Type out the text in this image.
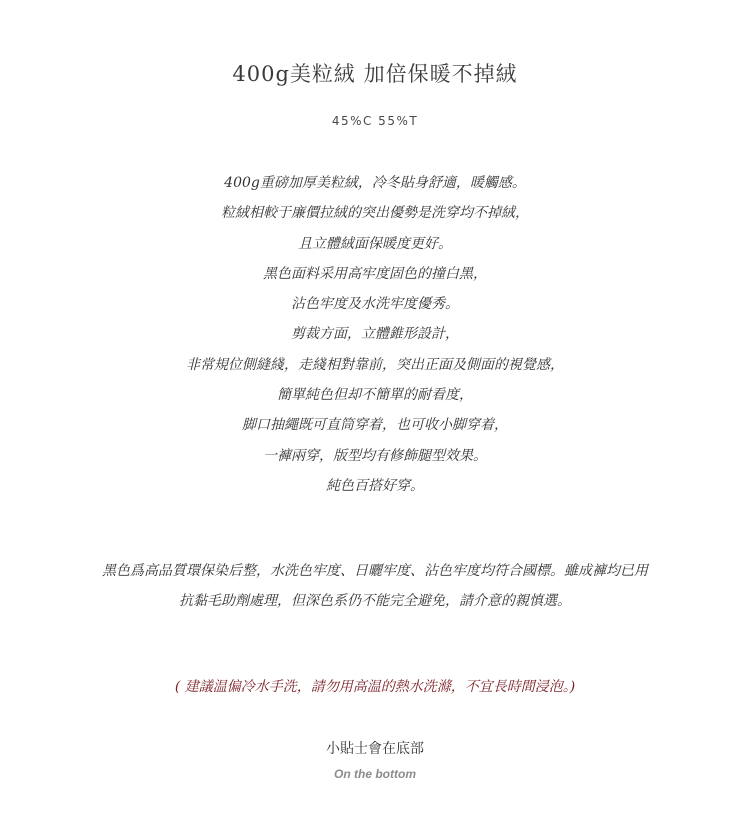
400g美粒絨 加倍保暖不掉絨
45%C 55%T
400g重磅加厚美粒絨，冷冬貼身舒適，暖觸感。
粒絨相較于廉價拉絨的突出優勢是洗穿均不掉絨，
且立體絨面保暖度更好。
黑色面料采用高牢度固色的撞白黑，
沾色牢度及水洗牢度優秀。
剪裁方面，立體錐形設計，
非常規位側縫綫，走綫相對靠前，突出正面及側面的視覺感，
簡單純色但却不簡單的耐看度，
脚口抽繩既可直筒穿着，也可收小脚穿着，
一褲兩穿，版型均有修飾腿型效果。
純色百搭好穿。
黑色爲高品質環保染后整，水洗色牢度、日曬牢度、沾色牢度均符合國標。雖成褲均已用
抗黏毛助劑處理，但深色系仍不能完全避免，請介意的親慎選。
( 建議温偏冷水手洗，請勿用高温的熱水洗滌，不宜長時間浸泡。)
小貼士會在底部
On the bottom
